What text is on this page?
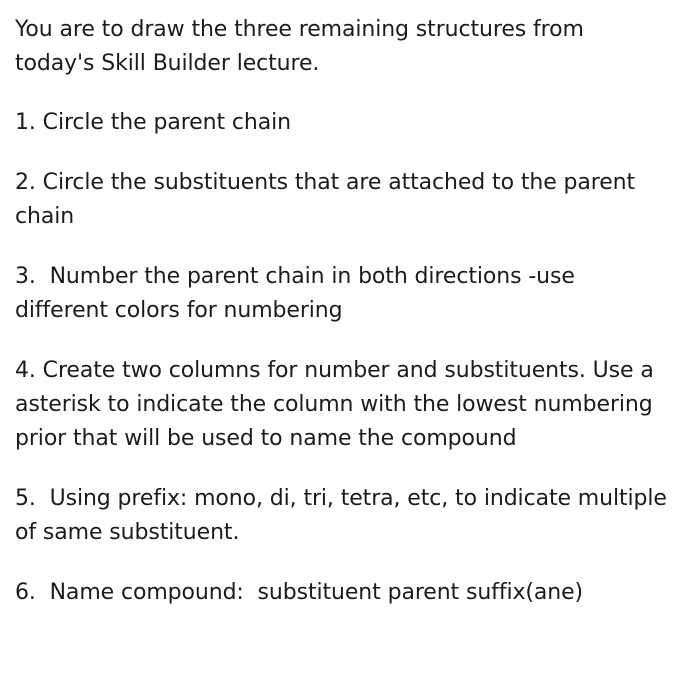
You are to draw the three remaining structures from today's Skill Builder lecture.

1. Circle the parent chain

2. Circle the substituents that are attached to the parent chain

3.  Number the parent chain in both directions -use different colors for numbering

4. Create two columns for number and substituents. Use a asterisk to indicate the column with the lowest numbering prior that will be used to name the compound

5.  Using prefix: mono, di, tri, tetra, etc, to indicate multiple of same substituent.

6.  Name compound:  substituent parent suffix(ane)
